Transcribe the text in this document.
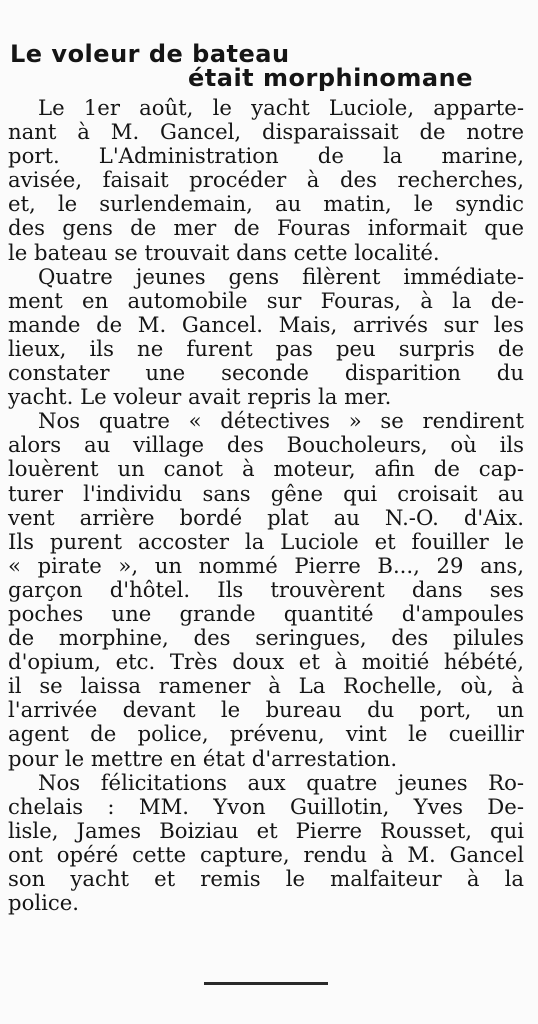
Le voleur de bateau
était morphinomane

Le 1er août, le yacht Luciole, apparte-
nant à M. Gancel, disparaissait de notre
port. L'Administration de la marine,
avisée, faisait procéder à des recherches,
et, le surlendemain, au matin, le syndic
des gens de mer de Fouras informait que
le bateau se trouvait dans cette localité.

Quatre jeunes gens filèrent immédiate-
ment en automobile sur Fouras, à la de-
mande de M. Gancel. Mais, arrivés sur les
lieux, ils ne furent pas peu surpris de
constater une seconde disparition du
yacht. Le voleur avait repris la mer.

Nos quatre « détectives » se rendirent
alors au village des Boucholeurs, où ils
louèrent un canot à moteur, afin de cap-
turer l'individu sans gêne qui croisait au
vent arrière bordé plat au N.-O. d'Aix.
Ils purent accoster la Luciole et fouiller le
« pirate », un nommé Pierre B..., 29 ans,
garçon d'hôtel. Ils trouvèrent dans ses
poches une grande quantité d'ampoules
de morphine, des seringues, des pilules
d'opium, etc. Très doux et à moitié hébété,
il se laissa ramener à La Rochelle, où, à
l'arrivée devant le bureau du port, un
agent de police, prévenu, vint le cueillir
pour le mettre en état d'arrestation.

Nos félicitations aux quatre jeunes Ro-
chelais : MM. Yvon Guillotin, Yves De-
lisle, James Boiziau et Pierre Rousset, qui
ont opéré cette capture, rendu à M. Gancel
son yacht et remis le malfaiteur à la
police.
